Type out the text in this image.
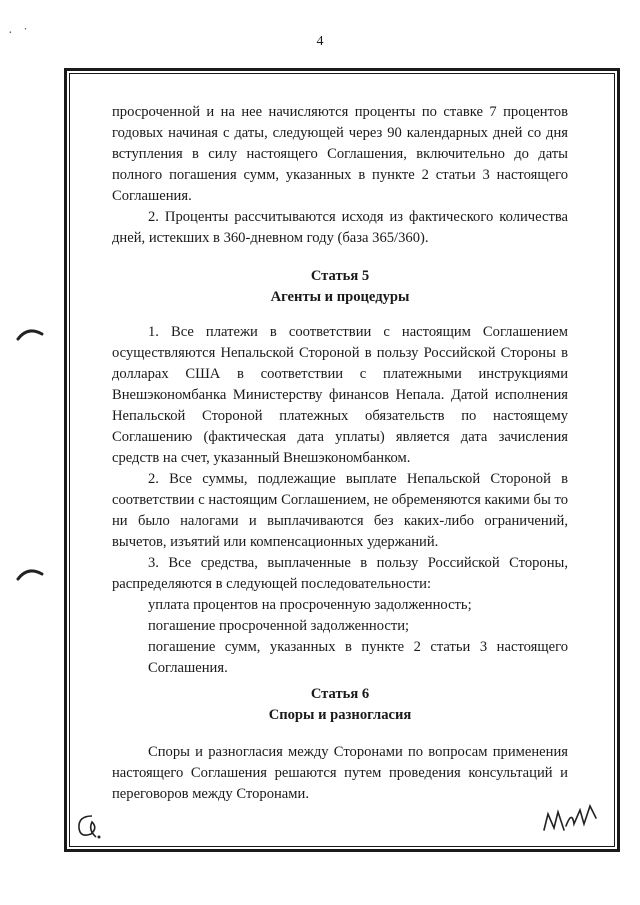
4

просроченной и на нее начисляются проценты по ставке 7 процентов годовых начиная с даты, следующей через 90 календарных дней со дня вступления в силу настоящего Соглашения, включительно до даты полного погашения сумм, указанных в пункте 2 статьи 3 настоящего Соглашения.

2. Проценты рассчитываются исходя из фактического количества дней, истекших в 360-дневном году (база 365/360).

Статья 5

Агенты и процедуры

1. Все платежи в соответствии с настоящим Соглашением осуществляются Непальской Стороной в пользу Российской Стороны в долларах США в соответствии с платежными инструкциями Внешэкономбанка Министерству финансов Непала. Датой исполнения Непальской Стороной платежных обязательств по настоящему Соглашению (фактическая дата уплаты) является дата зачисления средств на счет, указанный Внешэкономбанком.

2. Все суммы, подлежащие выплате Непальской Стороной в соответствии с настоящим Соглашением, не обременяются какими бы то ни было налогами и выплачиваются без каких-либо ограничений, вычетов, изъятий или компенсационных удержаний.

3. Все средства, выплаченные в пользу Российской Стороны, распределяются в следующей последовательности:

уплата процентов на просроченную задолженность;

погашение просроченной задолженности;

погашение сумм, указанных в пункте 2 статьи 3 настоящего Соглашения.

Статья 6

Споры и разногласия

Споры и разногласия между Сторонами по вопросам применения настоящего Соглашения решаются путем проведения консультаций и переговоров между Сторонами.

·   ˙
